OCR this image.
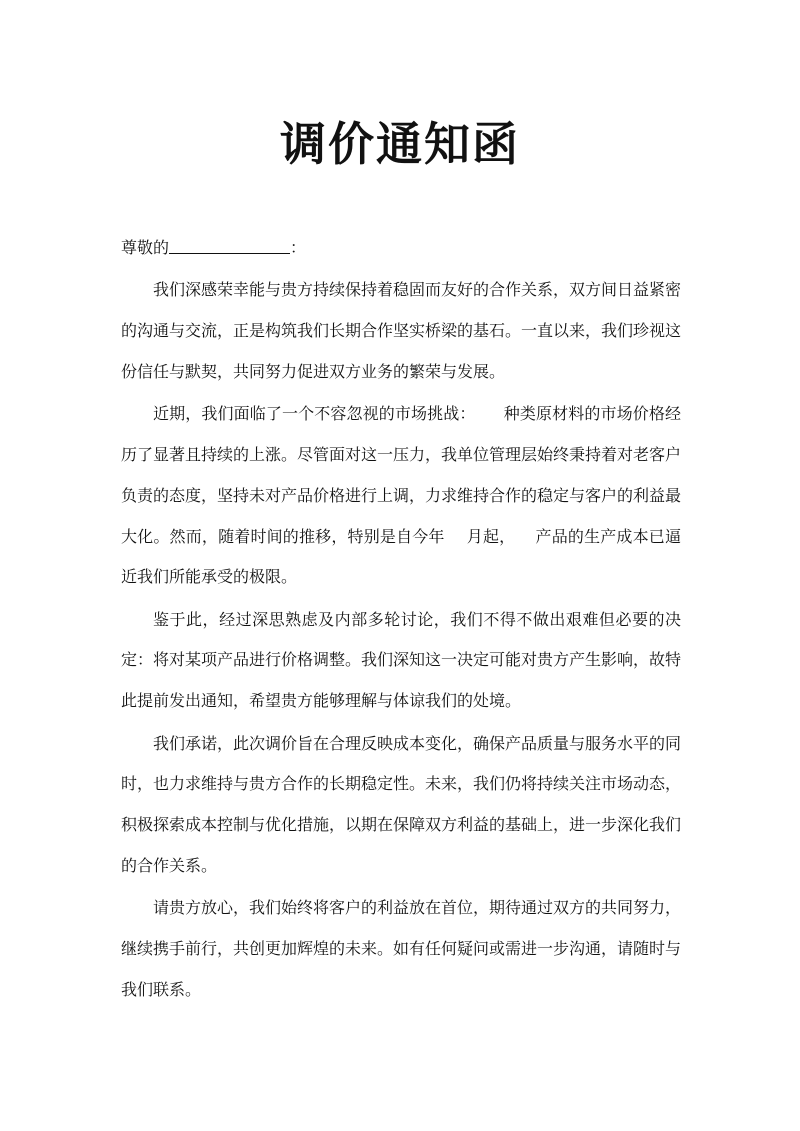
调价通知函

尊敬的	：

我们深感荣幸能与贵方持续保持着稳固而友好的合作关系，双方间日益紧密的沟通与交流，正是构筑我们长期合作坚实桥梁的基石。一直以来，我们珍视这份信任与默契，共同努力促进双方业务的繁荣与发展。

近期，我们面临了一个不容忽视的市场挑战： 种类原材料的市场价格经历了显著且持续的上涨。尽管面对这一压力，我单位管理层始终秉持着对老客户负责的态度，坚持未对产品价格进行上调，力求维持合作的稳定与客户的利益最大化。然而，随着时间的推移，特别是自今年 月起， 产品的生产成本已逼近我们所能承受的极限。

鉴于此，经过深思熟虑及内部多轮讨论，我们不得不做出艰难但必要的决定：将对某项产品进行价格调整。我们深知这一决定可能对贵方产生影响，故特此提前发出通知，希望贵方能够理解与体谅我们的处境。

我们承诺，此次调价旨在合理反映成本变化，确保产品质量与服务水平的同时，也力求维持与贵方合作的长期稳定性。未来，我们仍将持续关注市场动态，积极探索成本控制与优化措施，以期在保障双方利益的基础上，进一步深化我们的合作关系。

请贵方放心，我们始终将客户的利益放在首位，期待通过双方的共同努力，继续携手前行，共创更加辉煌的未来。如有任何疑问或需进一步沟通，请随时与我们联系。
